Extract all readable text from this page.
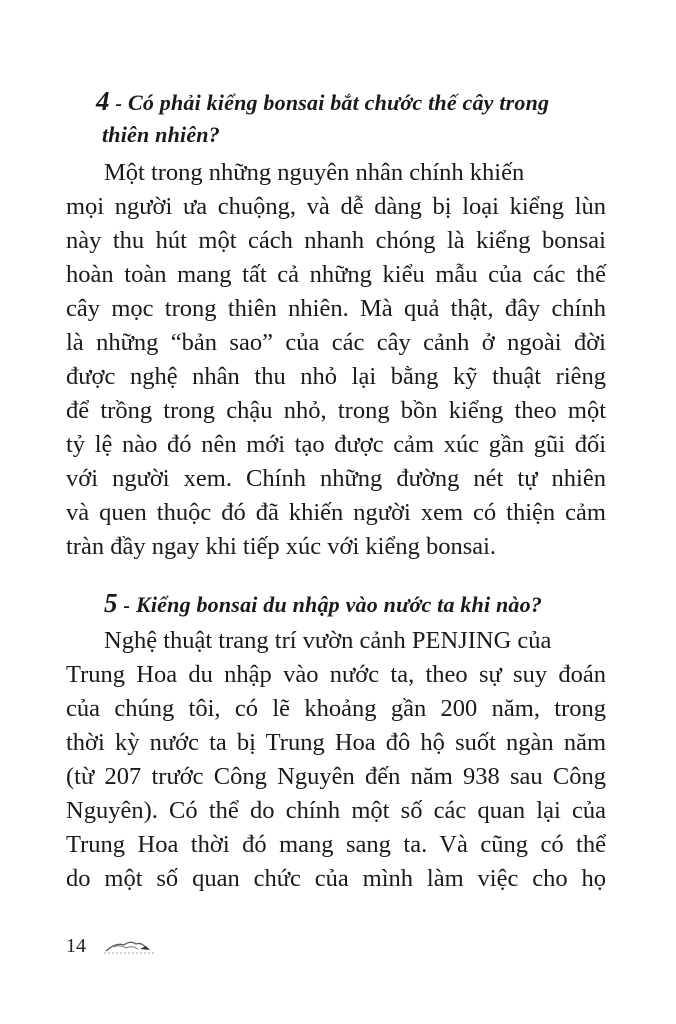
4 - Có phải kiểng bonsai bắt chước thế cây trong
thiên nhiên?
Một trong những nguyên nhân chính khiến
mọi người ưa chuộng, và dễ dàng bị loại kiểng lùn
này thu hút một cách nhanh chóng là kiểng bonsai
hoàn toàn mang tất cả những kiểu mẫu của các thế
cây mọc trong thiên nhiên. Mà quả thật, đây chính
là những “bản sao” của các cây cảnh ở ngoài đời
được nghệ nhân thu nhỏ lại bằng kỹ thuật riêng
để trồng trong chậu nhỏ, trong bồn kiểng theo một
tỷ lệ nào đó nên mới tạo được cảm xúc gần gũi đối
với người xem. Chính những đường nét tự nhiên
và quen thuộc đó đã khiến người xem có thiện cảm
tràn đầy ngay khi tiếp xúc với kiểng bonsai.
5 - Kiểng bonsai du nhập vào nước ta khi nào?
Nghệ thuật trang trí vườn cảnh PENJING của
Trung Hoa du nhập vào nước ta, theo sự suy đoán
của chúng tôi, có lẽ khoảng gần 200 năm, trong
thời kỳ nước ta bị Trung Hoa đô hộ suốt ngàn năm
(từ 207 trước Công Nguyên đến năm 938 sau Công
Nguyên). Có thể do chính một số các quan lại của
Trung Hoa thời đó mang sang ta. Và cũng có thể
do một số quan chức của mình làm việc cho họ
14
